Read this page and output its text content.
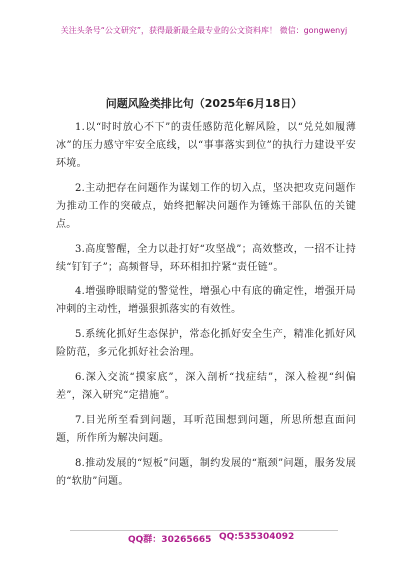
关注头条号“公文研究”，获得最新最全最专业的公文资料库！ 微信：gongwenyj
问题风险类排比句（2025年6月18日）

1.以“时时放心不下”的责任感防范化解风险，以“兑兑如履薄冰”的压力感守牢安全底线，以“事事落实到位”的执行力建设平安环境。

2.主动把存在问题作为谋划工作的切入点，坚决把攻克问题作为推动工作的突破点，始终把解决问题作为锤炼干部队伍的关键点。

3.高度警醒，全力以赴打好“攻坚战”；高效整改，一招不让持续“钉钉子”；高频督导，环环相扣拧紧“责任链”。

4.增强睁眼睛觉的警觉性，增强心中有底的确定性，增强开局冲刺的主动性，增强狠抓落实的有效性。

5.系统化抓好生态保护，常态化抓好安全生产，精准化抓好风险防范，多元化抓好社会治理。

6.深入交流“摸家底”，深入剖析“找症结”，深入检视“纠偏差”，深入研究“定措施”。

7.目光所至看到问题，耳听范围想到问题，所思所想直面问题，所作所为解决问题。

8.推动发展的“短板”问题，制约发展的“瓶颈”问题，服务发展的“软肋”问题。

QQ群：30265665 QQ:535304092
